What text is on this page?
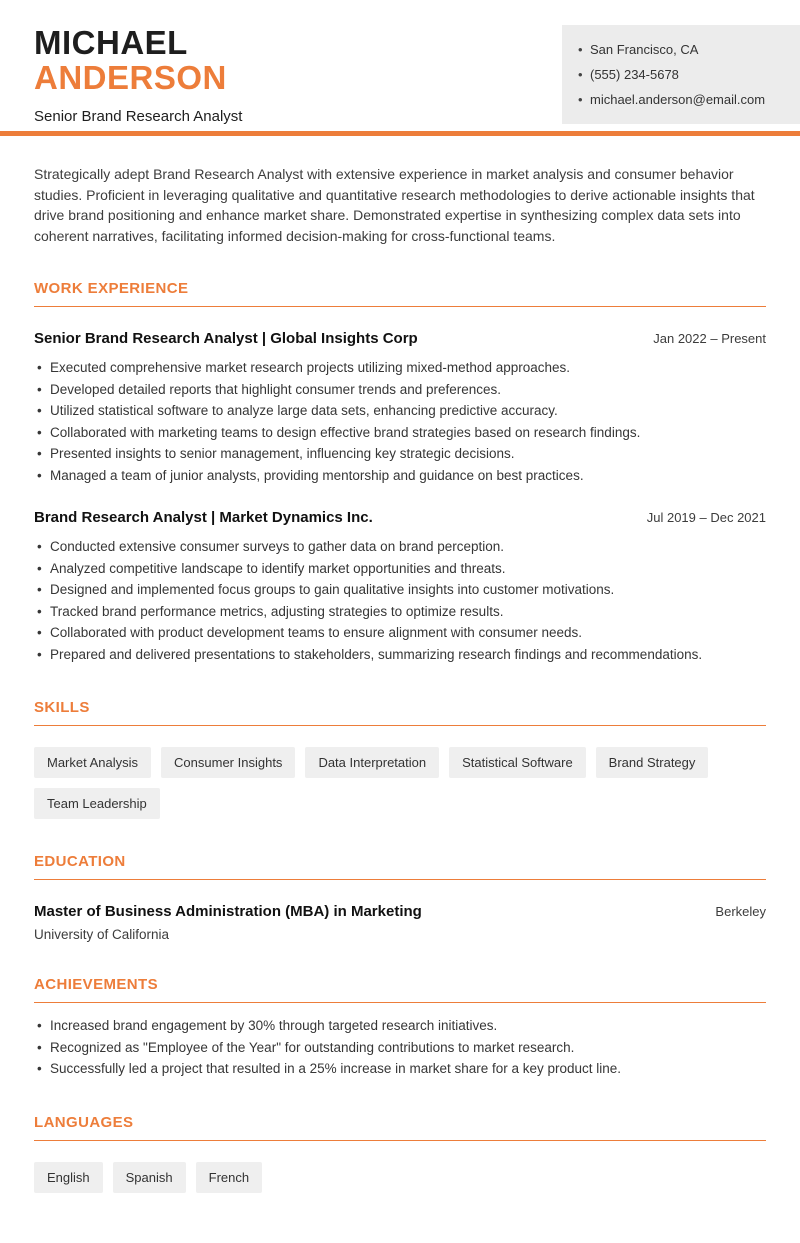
MICHAEL
ANDERSON
Senior Brand Research Analyst
• San Francisco, CA
• (555) 234-5678
• michael.anderson@email.com

Strategically adept Brand Research Analyst with extensive experience in market analysis and consumer behavior studies. Proficient in leveraging qualitative and quantitative research methodologies to derive actionable insights that drive brand positioning and enhance market share. Demonstrated expertise in synthesizing complex data sets into coherent narratives, facilitating informed decision-making for cross-functional teams.

WORK EXPERIENCE
Senior Brand Research Analyst | Global Insights Corp	Jan 2022 – Present
• Executed comprehensive market research projects utilizing mixed-method approaches.
• Developed detailed reports that highlight consumer trends and preferences.
• Utilized statistical software to analyze large data sets, enhancing predictive accuracy.
• Collaborated with marketing teams to design effective brand strategies based on research findings.
• Presented insights to senior management, influencing key strategic decisions.
• Managed a team of junior analysts, providing mentorship and guidance on best practices.
Brand Research Analyst | Market Dynamics Inc.	Jul 2019 – Dec 2021
• Conducted extensive consumer surveys to gather data on brand perception.
• Analyzed competitive landscape to identify market opportunities and threats.
• Designed and implemented focus groups to gain qualitative insights into customer motivations.
• Tracked brand performance metrics, adjusting strategies to optimize results.
• Collaborated with product development teams to ensure alignment with consumer needs.
• Prepared and delivered presentations to stakeholders, summarizing research findings and recommendations.
SKILLS
Market Analysis	Consumer Insights	Data Interpretation	Statistical Software	Brand Strategy
Team Leadership
EDUCATION
Master of Business Administration (MBA) in Marketing	Berkeley
University of California
ACHIEVEMENTS
• Increased brand engagement by 30% through targeted research initiatives.
• Recognized as "Employee of the Year" for outstanding contributions to market research.
• Successfully led a project that resulted in a 25% increase in market share for a key product line.
LANGUAGES
English	Spanish	French
